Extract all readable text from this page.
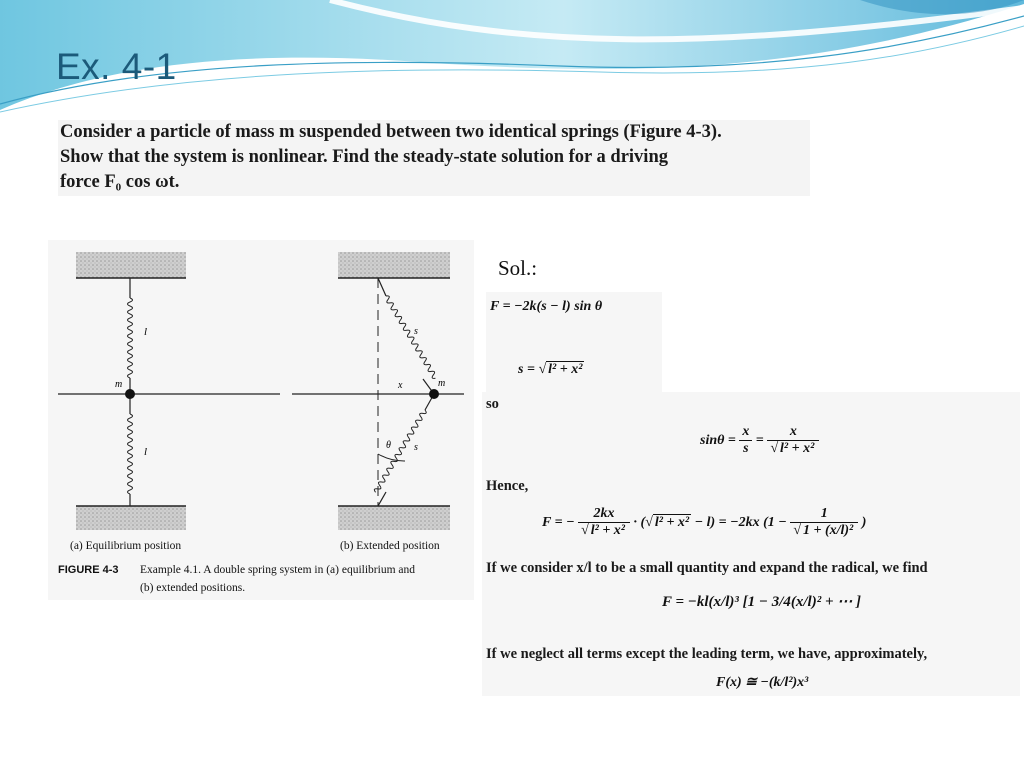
Ex. 4-1
Consider a particle of mass m suspended between two identical springs (Figure 4-3).
Show that the system is nonlinear. Find the steady-state solution for a driving
force F₀ cos ωt.
l
l
m	m
s
s
x
θ
(a) Equilibrium position	(b) Extended position
FIGURE 4-3 Example 4.1. A double spring system in (a) equilibrium and
(b) extended positions.
Sol.:
F = −2k(s − l) sin θ
s = √ l² + x²
so
$\sin\theta = \frac{x}{s} = \frac{x}{\text{√ l² + x²}}$
Hence,
F = − $\frac{2kx}{\text{√ l² + x²}}$ · (√ l² + x² − l) = −2kx ($1 - \frac{1}{\text{√ 1 + (x/l)²}}$ )
If we consider x/l to be a small quantity and expand the radical, we find
F = −kl(x/l)³ [1 − 3/4(x/l)² + ⋯ ]
If we neglect all terms except the leading term, we have, approximately,
F(x) ≅ −(k/l²)x³
